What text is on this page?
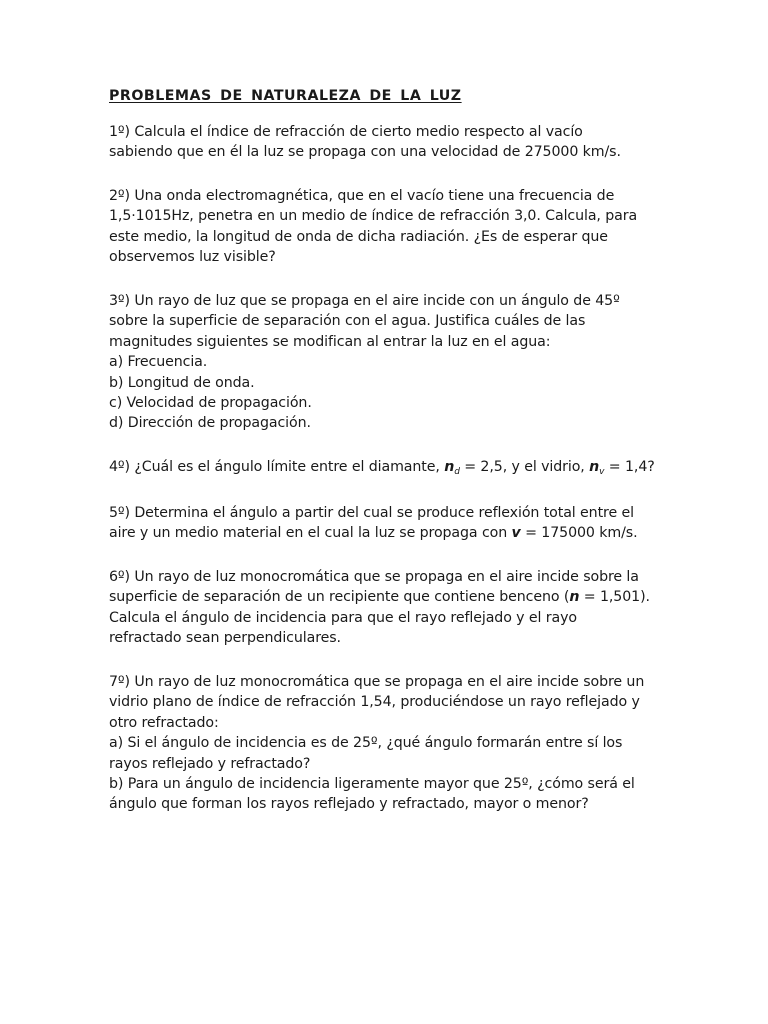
PROBLEMAS DE NATURALEZA DE LA LUZ
1º) Calcula el índice de refracción de cierto medio respecto al vacío
sabiendo que en él la luz se propaga con una velocidad de 275000 km/s.
2º) Una onda electromagnética, que en el vacío tiene una frecuencia de
1,5·1015Hz, penetra en un medio de índice de refracción 3,0. Calcula, para
este medio, la longitud de onda de dicha radiación. ¿Es de esperar que
observemos luz visible?
3º) Un rayo de luz que se propaga en el aire incide con un ángulo de 45º
sobre la superficie de separación con el agua. Justifica cuáles de las
magnitudes siguientes se modifican al entrar la luz en el agua:
a) Frecuencia.
b) Longitud de onda.
c) Velocidad de propagación.
d) Dirección de propagación.
4º) ¿Cuál es el ángulo límite entre el diamante, $n_d = 2,5$, y el vidrio, $n_v = 1,4$?
5º) Determina el ángulo a partir del cual se produce reflexión total entre el
aire y un medio material en el cual la luz se propaga con v = 175000 km/s.
6º) Un rayo de luz monocromática que se propaga en el aire incide sobre la
superficie de separación de un recipiente que contiene benceno (n = 1,501).
Calcula el ángulo de incidencia para que el rayo reflejado y el rayo
refractado sean perpendiculares.
7º) Un rayo de luz monocromática que se propaga en el aire incide sobre un
vidrio plano de índice de refracción 1,54, produciéndose un rayo reflejado y
otro refractado:
a) Si el ángulo de incidencia es de 25º, ¿qué ángulo formarán entre sí los
rayos reflejado y refractado?
b) Para un ángulo de incidencia ligeramente mayor que 25º, ¿cómo será el
ángulo que forman los rayos reflejado y refractado, mayor o menor?
